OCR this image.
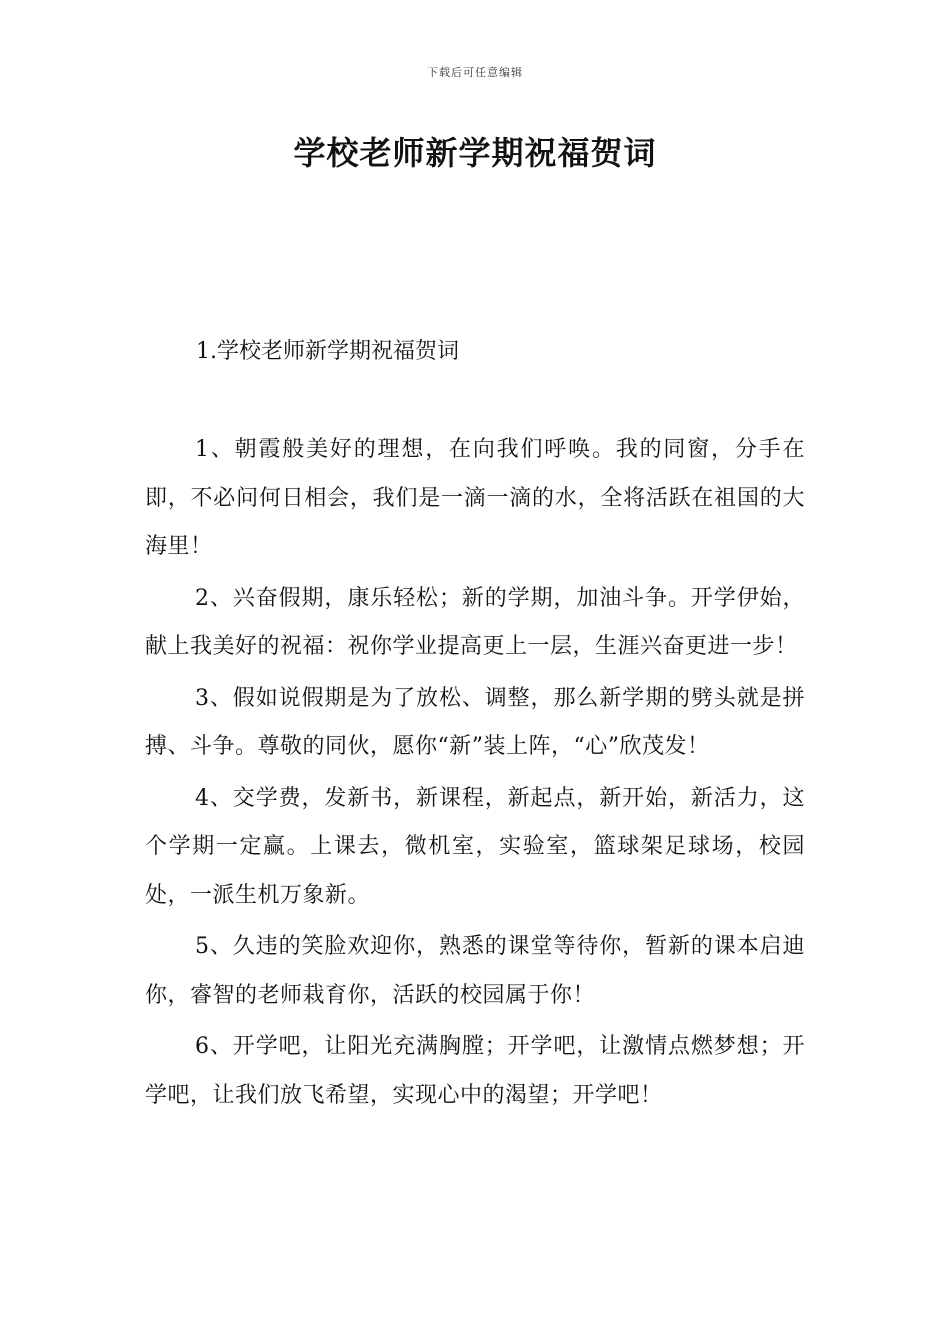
下载后可任意编辑
学校老师新学期祝福贺词
1.学校老师新学期祝福贺词

1、朝霞般美好的理想，在向我们呼唤。我的同窗，分手在即，不必问何日相会，我们是一滴一滴的水，全将活跃在祖国的大海里！

2、兴奋假期，康乐轻松；新的学期，加油斗争。开学伊始，献上我美好的祝福：祝你学业提高更上一层，生涯兴奋更进一步！

3、假如说假期是为了放松、调整，那么新学期的劈头就是拼搏、斗争。尊敬的同伙，愿你“新”装上阵，“心”欣茂发！

4、交学费，发新书，新课程，新起点，新开始，新活力，这个学期一定赢。上课去，微机室，实验室，篮球架足球场，校园处，一派生机万象新。

5、久违的笑脸欢迎你，熟悉的课堂等待你，暂新的课本启迪你，睿智的老师栽育你，活跃的校园属于你！

6、开学吧，让阳光充满胸膛；开学吧，让激情点燃梦想；开学吧，让我们放飞希望，实现心中的渴望；开学吧！
